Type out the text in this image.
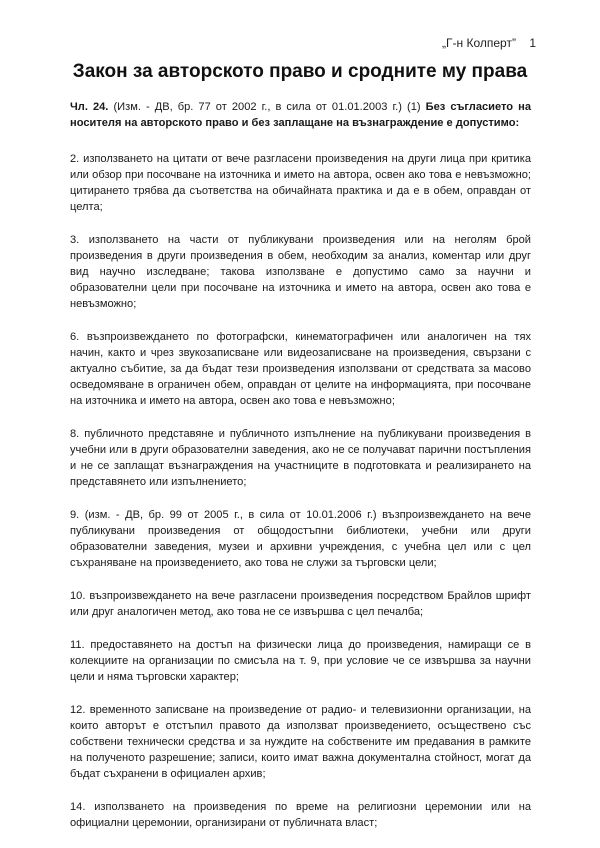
„Г-н Колперт” 1
Закон за авторското право и сродните му права

Чл. 24. (Изм. - ДВ, бр. 77 от 2002 г., в сила от 01.01.2003 г.) (1) Без съгласието на носителя на авторското право и без заплащане на възнаграждение е допустимо:

2. използването на цитати от вече разгласени произведения на други лица при критика или обзор при посочване на източника и името на автора, освен ако това е невъзможно; цитирането трябва да съответства на обичайната практика и да е в обем, оправдан от целта;

3. използването на части от публикувани произведения или на неголям брой произведения в други произведения в обем, необходим за анализ, коментар или друг вид научно изследване; такова използване е допустимо само за научни и образователни цели при посочване на източника и името на автора, освен ако това е невъзможно;

6. възпроизвеждането по фотографски, кинематографичен или аналогичен на тях начин, както и чрез звукозаписване или видеозаписване на произведения, свързани с актуално събитие, за да бъдат тези произведения използвани от средствата за масово осведомяване в ограничен обем, оправдан от целите на информацията, при посочване на източника и името на автора, освен ако това е невъзможно;

8. публичното представяне и публичното изпълнение на публикувани произведения в учебни или в други образователни заведения, ако не се получават парични постъпления и не се заплащат възнаграждения на участниците в подготовката и реализирането на представянето или изпълнението;

9. (изм. - ДВ, бр. 99 от 2005 г., в сила от 10.01.2006 г.) възпроизвеждането на вече публикувани произведения от общодостъпни библиотеки, учебни или други образователни заведения, музеи и архивни учреждения, с учебна цел или с цел съхраняване на произведението, ако това не служи за търговски цели;

10. възпроизвеждането на вече разгласени произведения посредством Брайлов шрифт или друг аналогичен метод, ако това не се извършва с цел печалба;

11. предоставянето на достъп на физически лица до произведения, намиращи се в колекциите на организации по смисъла на т. 9, при условие че се извършва за научни цели и няма търговски характер;

12. временното записване на произведение от радио- и телевизионни организации, на които авторът е отстъпил правото да използват произведението, осъществено със собствени технически средства и за нуждите на собствените им предавания в рамките на полученото разрешение; записи, които имат важна документална стойност, могат да бъдат съхранени в официален архив;

14. използването на произведения по време на религиозни церемонии или на официални церемонии, организирани от публичната власт;
